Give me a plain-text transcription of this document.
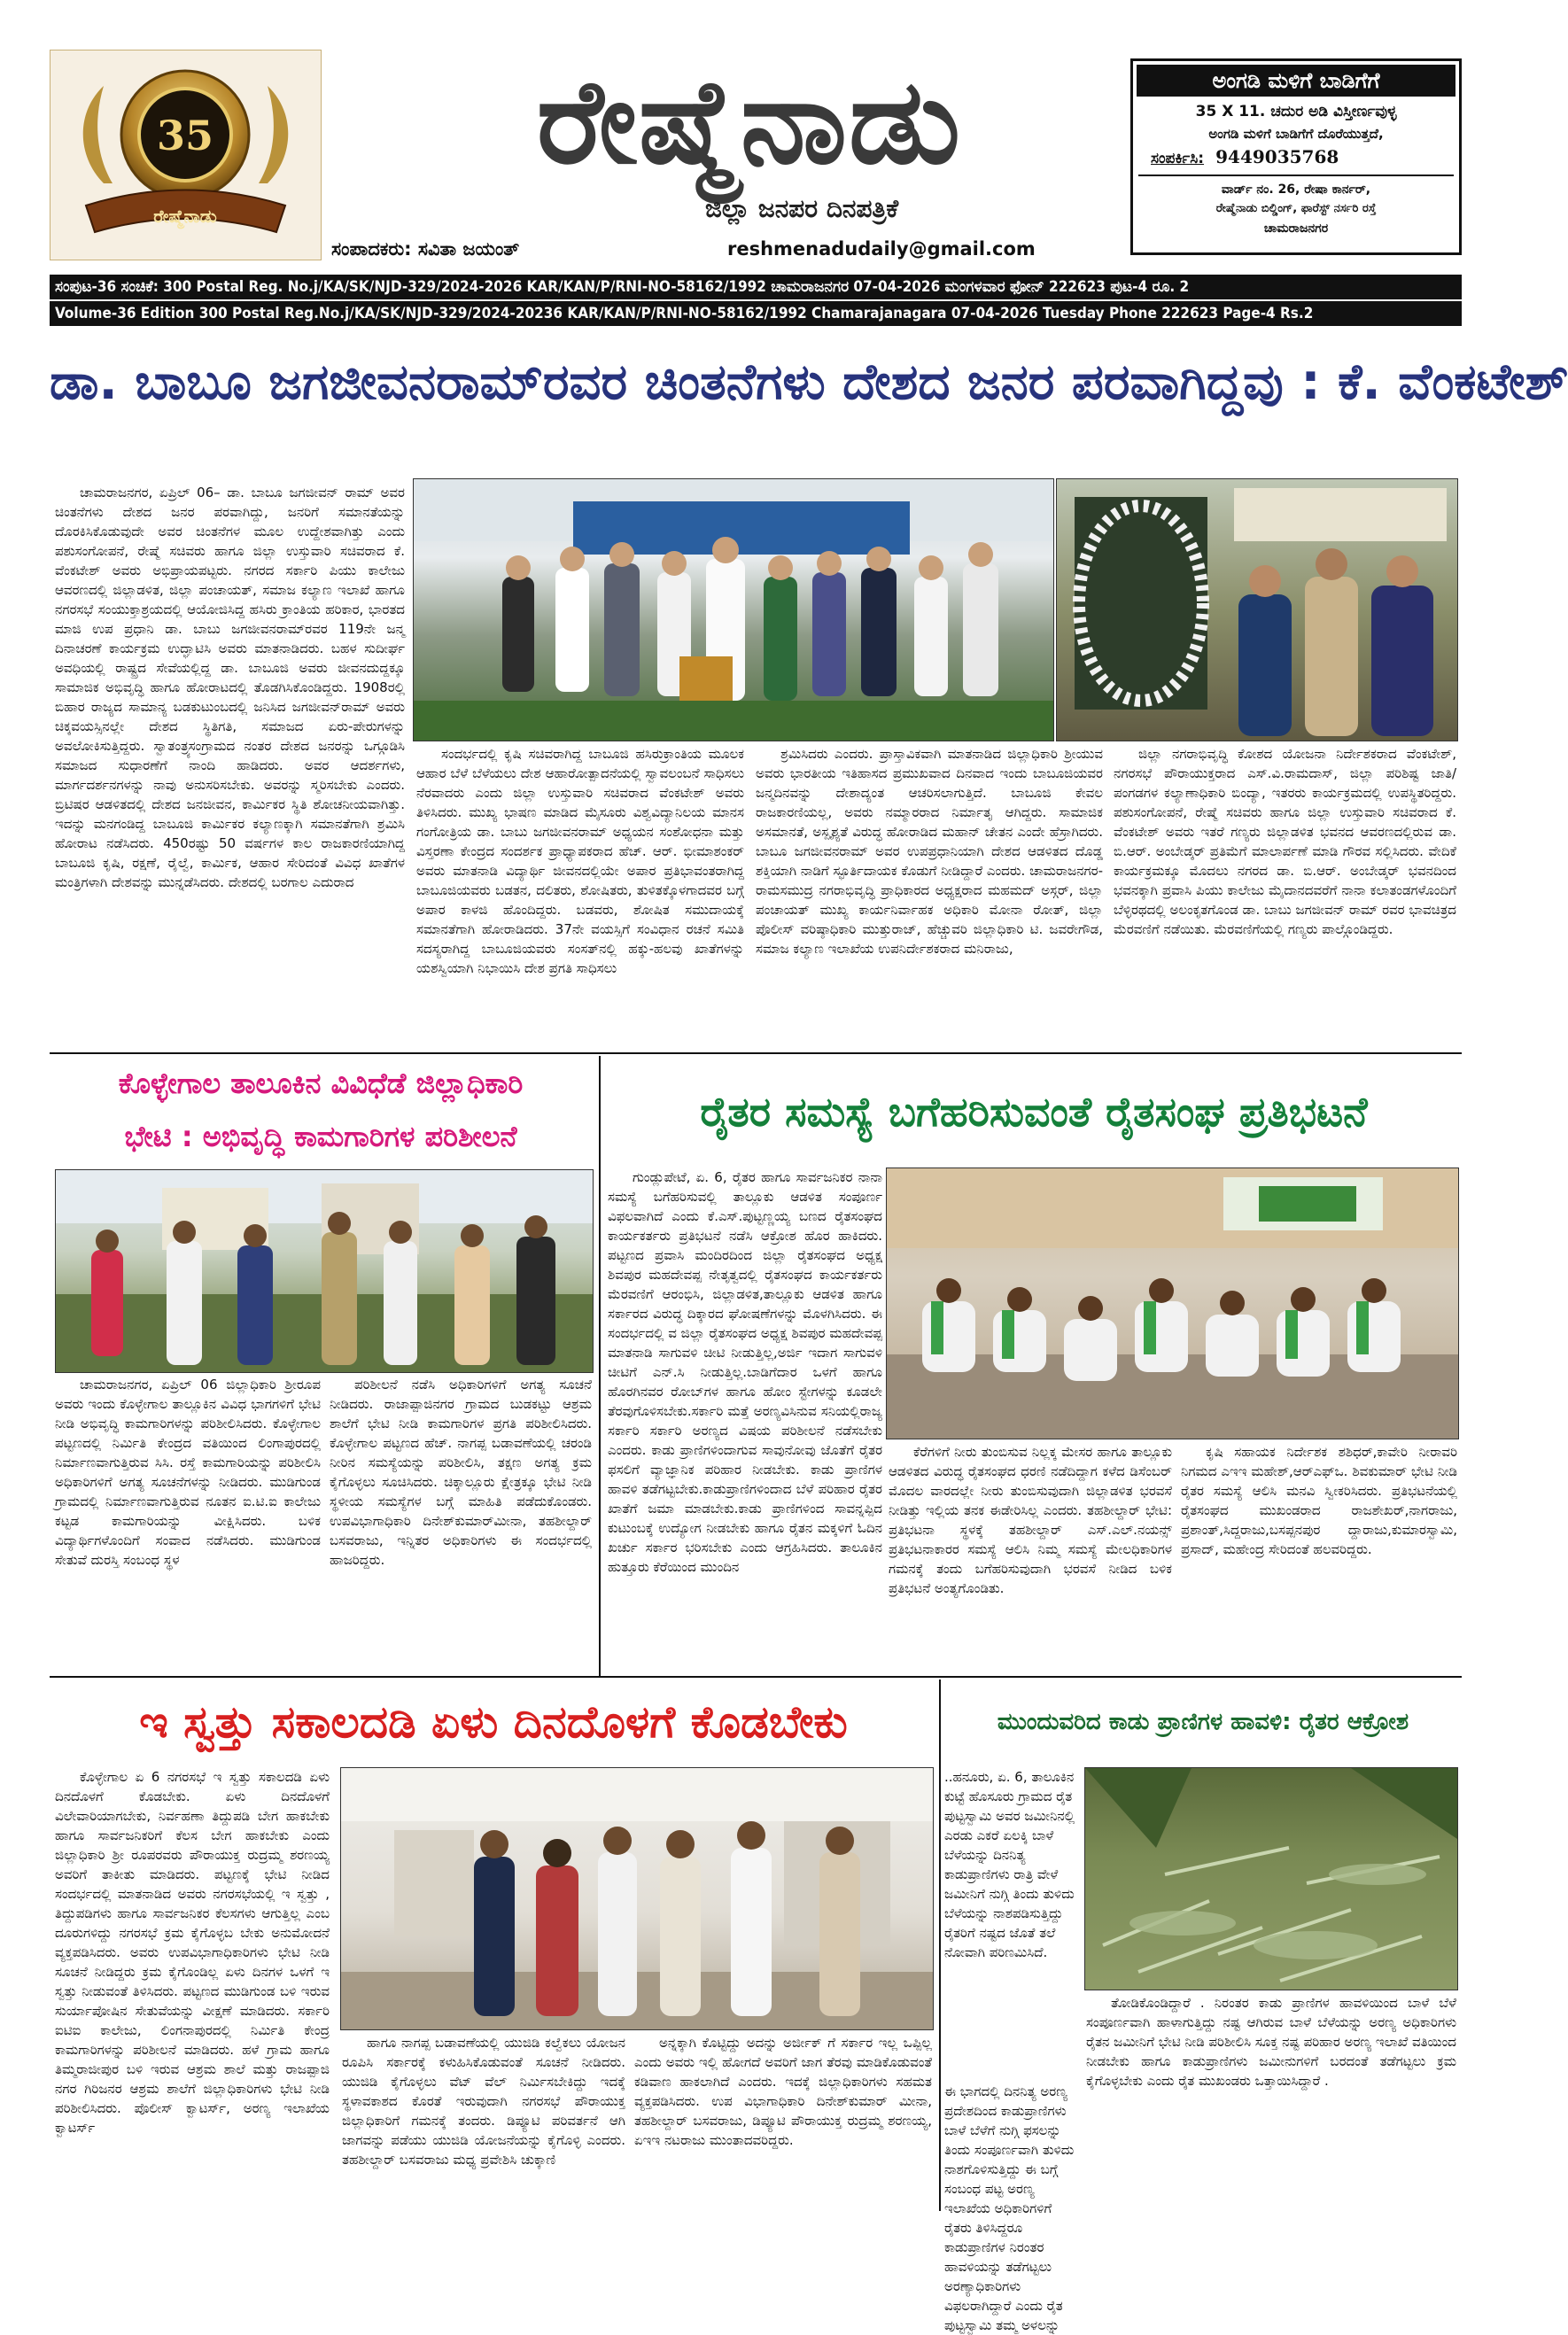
35
ರೇಷ್ಮೆನಾಡು
ರೇಷ್ಮೆನಾಡು
ಜಿಲ್ಲಾ ಜನಪರ ದಿನಪತ್ರಿಕೆ
ಸಂಪಾದಕರು: ಸವಿತಾ ಜಯಂತ್	reshmenadudaily@gmail.com
ಅಂಗಡಿ ಮಳಿಗೆ ಬಾಡಿಗೆಗೆ
35 X 11. ಚದುರ ಅಡಿ ವಿಸ್ತೀರ್ಣವುಳ್ಳ
ಅಂಗಡಿ ಮಳಿಗೆ ಬಾಡಿಗೆಗೆ ದೊರೆಯುತ್ತದೆ,
ಸಂಪರ್ಕಿಸಿ: 9449035768
ವಾರ್ಡ್ ನಂ. 26, ರೇಷಾ ಕಾರ್ನರ್,
ರೇಷ್ಮೆನಾಡು ಬಿಲ್ಡಿಂಗ್, ಫಾರೆಸ್ಟ್ ನರ್ಸರಿ ರಸ್ತೆ
ಚಾಮರಾಜನಗರ
ಸಂಪುಟ-36 ಸಂಚಿಕೆ: 300 Postal Reg. No.j/KA/SK/NJD-329/2024-2026 KAR/KAN/P/RNI-NO-58162/1992 ಚಾಮರಾಜನಗರ 07-04-2026 ಮಂಗಳವಾರ ಫೋನ್ 222623 ಪುಟ-4 ರೂ. 2
Volume-36 Edition 300 Postal Reg.No.j/KA/SK/NJD-329/2024-20236 KAR/KAN/P/RNI-NO-58162/1992 Chamarajanagara 07-04-2026 Tuesday Phone 222623 Page-4 Rs.2
ಡಾ. ಬಾಬೂ ಜಗಜೀವನರಾಮ್‌ರವರ ಚಿಂತನೆಗಳು ದೇಶದ ಜನರ ಪರವಾಗಿದ್ದವು : ಕೆ. ವೆಂಕಟೇಶ್

ಚಾಮರಾಜನಗರ, ಏಪ್ರಿಲ್ 06– ಡಾ. ಬಾಬೂ ಜಗಜೀವನ್ ರಾಮ್ ಅವರ ಚಿಂತನೆಗಳು ದೇಶದ ಜನರ ಪರವಾಗಿದ್ದು, ಜನರಿಗೆ ಸಮಾನತೆಯನ್ನು ದೊರಕಿಸಿಕೊಡುವುದೇ ಅವರ ಚಿಂತನೆಗಳ ಮೂಲ ಉದ್ದೇಶವಾಗಿತ್ತು ಎಂದು ಪಶುಸಂಗೋಪನೆ, ರೇಷ್ಮೆ ಸಚಿವರು ಹಾಗೂ ಜಿಲ್ಲಾ ಉಸ್ತುವಾರಿ ಸಚಿವರಾದ ಕೆ. ವೆಂಕಟೇಶ್ ಅವರು ಅಭಿಪ್ರಾಯಪಟ್ಟರು. ನಗರದ ಸರ್ಕಾರಿ ಪಿಯು ಕಾಲೇಜು ಆವರಣದಲ್ಲಿ ಜಿಲ್ಲಾಡಳಿತ, ಜಿಲ್ಲಾ ಪಂಚಾಯತ್, ಸಮಾಜ ಕಲ್ಯಾಣ ಇಲಾಖೆ ಹಾಗೂ ನಗರಸಭೆ ಸಂಯುಕ್ತಾಶ್ರಯದಲ್ಲಿ ಆಯೋಜಿಸಿದ್ದ ಹಸಿರು ಕ್ರಾಂತಿಯ ಹರಿಕಾರ, ಭಾರತದ ಮಾಜಿ ಉಪ ಪ್ರಧಾನಿ ಡಾ. ಬಾಬು ಜಗಜೀವನರಾಮ್‌ರವರ 119ನೇ ಜನ್ಮ ದಿನಾಚರಣೆ ಕಾರ್ಯಕ್ರಮ ಉದ್ಘಾಟಿಸಿ ಅವರು ಮಾತನಾಡಿದರು. ಬಹಳ ಸುದೀರ್ಘ ಅವಧಿಯಲ್ಲಿ ರಾಷ್ಟ್ರದ ಸೇವೆಯಲ್ಲಿದ್ದ ಡಾ. ಬಾಬೂಜಿ ಅವರು ಜೀವನದುದ್ದಕ್ಕೂ ಸಾಮಾಜಿಕ ಅಭಿವೃದ್ಧಿ ಹಾಗೂ ಹೋರಾಟದಲ್ಲಿ ತೊಡಗಿಸಿಕೊಂಡಿದ್ದರು. 1908ರಲ್ಲಿ ಬಿಹಾರ ರಾಜ್ಯದ ಸಾಮಾನ್ಯ ಬಡಕುಟುಂಬದಲ್ಲಿ ಜನಿಸಿದ ಜಗಜೀವನ್‌ರಾಮ್ ಅವರು ಚಿಕ್ಕವಯಸ್ಸಿನಲ್ಲೇ ದೇಶದ ಸ್ಥಿತಿಗತಿ, ಸಮಾಜದ ಏರು-ಪೇರುಗಳನ್ನು ಅವಲೋಕಿಸುತ್ತಿದ್ದರು. ಸ್ವಾತಂತ್ರ್ಯಸಂಗ್ರಾಮದ ನಂತರ ದೇಶದ ಜನರನ್ನು ಒಗ್ಗೂಡಿಸಿ ಸಮಾಜದ ಸುಧಾರಣೆಗೆ ನಾಂದಿ ಹಾಡಿದರು. ಅವರ ಆದರ್ಶಗಳು, ಮಾರ್ಗದರ್ಶನಗಳನ್ನು ನಾವು ಅನುಸರಿಸಬೇಕು. ಅವರನ್ನು ಸ್ಮರಿಸಬೇಕು ಎಂದರು. ಬ್ರಿಟಿಷರ ಆಡಳಿತದಲ್ಲಿ ದೇಶದ ಜನಜೀವನ, ಕಾರ್ಮಿಕರ ಸ್ಥಿತಿ ಶೋಚನೀಯವಾಗಿತ್ತು. ಇದನ್ನು ಮನಗಂಡಿದ್ದ ಬಾಬೂಜಿ ಕಾರ್ಮಿಕರ ಕಲ್ಯಾಣಕ್ಕಾಗಿ ಸಮಾನತೆಗಾಗಿ ಶ್ರಮಿಸಿ ಹೋರಾಟ ನಡೆಸಿದರು. 450ರಷ್ಟು 50 ವರ್ಷಗಳ ಕಾಲ ರಾಜಕಾರಣಿಯಾಗಿದ್ದ ಬಾಬೂಜಿ ಕೃಷಿ, ರಕ್ಷಣೆ, ರೈಲ್ವೆ, ಕಾರ್ಮಿಕ, ಆಹಾರ ಸೇರಿದಂತೆ ವಿವಿಧ ಖಾತೆಗಳ ಮಂತ್ರಿಗಳಾಗಿ ದೇಶವನ್ನು ಮುನ್ನಡೆಸಿದರು. ದೇಶದಲ್ಲಿ ಬರಗಾಲ ಎದುರಾದ

ಸಂದರ್ಭದಲ್ಲಿ ಕೃಷಿ ಸಚಿವರಾಗಿದ್ದ ಬಾಬೂಜಿ ಹಸಿರುಕ್ರಾಂತಿಯ ಮೂಲಕ ಆಹಾರ ಬೆಳೆ ಬೆಳೆಯಲು ದೇಶ ಆಹಾರೋತ್ಪಾದನೆಯಲ್ಲಿ ಸ್ವಾವಲಂಬನೆ ಸಾಧಿಸಲು ನೆರವಾದರು ಎಂದು ಜಿಲ್ಲಾ ಉಸ್ತುವಾರಿ ಸಚಿವರಾದ ವೆಂಕಟೇಶ್ ಅವರು ತಿಳಿಸಿದರು. ಮುಖ್ಯ ಭಾಷಣ ಮಾಡಿದ ಮೈಸೂರು ವಿಶ್ವವಿದ್ಯಾನಿಲಯ ಮಾನಸ ಗಂಗೋತ್ರಿಯ ಡಾ. ಬಾಬು ಜಗಜೀವನರಾಮ್ ಅಧ್ಯಯನ ಸಂಶೋಧನಾ ಮತ್ತು ವಿಸ್ತರಣಾ ಕೇಂದ್ರದ ಸಂದರ್ಶಕ ಪ್ರಾಧ್ಯಾಪಕರಾದ ಹೆಚ್. ಆರ್. ಭೀಮಾಶಂಕರ್ ಅವರು ಮಾತನಾಡಿ ವಿದ್ಯಾರ್ಥಿ ಜೀವನದಲ್ಲಿಯೇ ಅಪಾರ ಪ್ರತಿಭಾವಂತರಾಗಿದ್ದ ಬಾಬೂಜಿಯವರು ಬಡತನ, ದಲಿತರು, ಶೋಷಿತರು, ತುಳಿತಕ್ಕೊಳಗಾದವರ ಬಗ್ಗೆ ಅಪಾರ ಕಾಳಜಿ ಹೊಂದಿದ್ದರು. ಬಡವರು, ಶೋಷಿತ ಸಮುದಾಯಕ್ಕೆ ಸಮಾನತೆಗಾಗಿ ಹೋರಾಡಿದರು. 37ನೇ ವಯಸ್ಸಿಗೆ ಸಂವಿಧಾನ ರಚನೆ ಸಮಿತಿ ಸದಸ್ಯರಾಗಿದ್ದ ಬಾಬೂಜಿಯವರು ಸಂಸತ್‌ನಲ್ಲಿ ಹಕ್ಕು-ಹಲವು ಖಾತೆಗಳನ್ನು ಯಶಸ್ವಿಯಾಗಿ ನಿಭಾಯಿಸಿ ದೇಶ ಪ್ರಗತಿ ಸಾಧಿಸಲು

ಶ್ರಮಿಸಿದರು ಎಂದರು. ಪ್ರಾಸ್ತಾವಿಕವಾಗಿ ಮಾತನಾಡಿದ ಜಿಲ್ಲಾಧಿಕಾರಿ ಶ್ರೀಯುವ ಅವರು ಭಾರತೀಯ ಇತಿಹಾಸದ ಪ್ರಮುಖವಾದ ದಿನವಾದ ಇಂದು ಬಾಬೂಜಿಯವರ ಜನ್ಮದಿನವನ್ನು ದೇಶಾದ್ಯಂತ ಆಚರಿಸಲಾಗುತ್ತಿದೆ. ಬಾಬೂಜಿ ಕೇವಲ ರಾಜಕಾರಣಿಯಲ್ಲ, ಅವರು ನಮ್ಮಾರರಾದ ನಿರ್ಮಾತೃ ಆಗಿದ್ದರು. ಸಾಮಾಜಿಕ ಅಸಮಾನತೆ, ಅಸ್ಪೃಶ್ಯತೆ ವಿರುದ್ಧ ಹೋರಾಡಿದ ಮಹಾನ್ ಚೇತನ ಎಂದೇ ಹೆಸ್ರಾಗಿದರು. ಬಾಬೂ ಜಗಜೀವನರಾಮ್ ಅವರ ಉಪಪ್ರಧಾನಿಯಾಗಿ ದೇಶದ ಆಡಳಿತದ ದೊಡ್ಡ ಶಕ್ತಿಯಾಗಿ ನಾಡಿಗೆ ಸ್ಫೂರ್ತಿದಾಯಕ ಕೊಡುಗೆ ನೀಡಿದ್ದಾರೆ ಎಂದರು. ಚಾಮರಾಜನಗರ-ರಾಮಸಮುದ್ರ ನಗರಾಭಿವೃದ್ಧಿ ಪ್ರಾಧಿಕಾರದ ಅಧ್ಯಕ್ಷರಾದ ಮಹಮದ್ ಅಸ್ಗರ್, ಜಿಲ್ಲಾ ಪಂಚಾಯತ್ ಮುಖ್ಯ ಕಾರ್ಯನಿರ್ವಾಹಕ ಅಧಿಕಾರಿ ಮೋನಾ ರೋತ್, ಜಿಲ್ಲಾ ಪೊಲೀಸ್ ವರಿಷ್ಠಾಧಿಕಾರಿ ಮುತ್ತುರಾಜ್, ಹೆಚ್ಚುವರಿ ಜಿಲ್ಲಾಧಿಕಾರಿ ಟಿ. ಜವರೇಗೌಡ, ಸಮಾಜ ಕಲ್ಯಾಣ ಇಲಾಖೆಯ ಉಪನಿರ್ದೇಶಕರಾದ ಮನಿರಾಜು,

ಜಿಲ್ಲಾ ನಗರಾಭಿವೃದ್ಧಿ ಕೋಶದ ಯೋಜನಾ ನಿರ್ದೇಶಕರಾದ ವೆಂಕಟೇಶ್, ನಗರಸಭೆ ಪೌರಾಯುಕ್ತರಾದ ಎಸ್.ವಿ.ರಾಮದಾಸ್, ಜಿಲ್ಲಾ ಪರಿಶಿಷ್ಟ ಜಾತಿ/ಪಂಗಡಗಳ ಕಲ್ಯಾಣಾಧಿಕಾರಿ ಬಿಂದ್ಯಾ, ಇತರರು ಕಾರ್ಯಕ್ರಮದಲ್ಲಿ ಉಪಸ್ಥಿತರಿದ್ದರು. ಪಶುಸಂಗೋಪನೆ, ರೇಷ್ಮೆ ಸಚಿವರು ಹಾಗೂ ಜಿಲ್ಲಾ ಉಸ್ತುವಾರಿ ಸಚಿವರಾದ ಕೆ. ವೆಂಕಟೇಶ್ ಅವರು ಇತರೆ ಗಣ್ಯರು ಜಿಲ್ಲಾಡಳಿತ ಭವನದ ಆವರಣದಲ್ಲಿರುವ ಡಾ. ಬಿ.ಆರ್. ಅಂಬೇಡ್ಕರ್ ಪ್ರತಿಮೆಗೆ ಮಾಲಾರ್ಪಣೆ ಮಾಡಿ ಗೌರವ ಸಲ್ಲಿಸಿದರು. ವೇದಿಕೆ ಕಾರ್ಯಕ್ರಮಕ್ಕೂ ಮೊದಲು ನಗರದ ಡಾ. ಬಿ.ಆರ್. ಅಂಬೇಡ್ಕರ್ ಭವನದಿಂದ ಭವನಕ್ಕಾಗಿ ಪ್ರವಾಸಿ ಪಿಯು ಕಾಲೇಜು ಮೈದಾನದವರೆಗೆ ನಾನಾ ಕಲಾತಂಡಗಳೊಂದಿಗೆ ಬೆಳ್ಳಿರಥದಲ್ಲಿ ಅಲಂಕೃತಗೊಂಡ ಡಾ. ಬಾಬು ಜಗಜೀವನ್ ರಾಮ್ ರವರ ಭಾವಚಿತ್ರದ ಮೆರವಣಿಗೆ ನಡೆಯಿತು. ಮೆರವಣಿಗೆಯಲ್ಲಿ ಗಣ್ಯರು ಪಾಲ್ಗೊಂಡಿದ್ದರು.

ಕೊಳ್ಳೇಗಾಲ ತಾಲೂಕಿನ ವಿವಿಧೆಡೆ ಜಿಲ್ಲಾಧಿಕಾರಿ
ಭೇಟಿ : ಅಭಿವೃದ್ಧಿ ಕಾಮಗಾರಿಗಳ ಪರಿಶೀಲನೆ

ಚಾಮರಾಜನಗರ, ಏಪ್ರಿಲ್ 06 ಜಿಲ್ಲಾಧಿಕಾರಿ ಶ್ರೀರೂಪ ಅವರು ಇಂದು ಕೊಳ್ಳೇಗಾಲ ತಾಲ್ಲೂಕಿನ ವಿವಿಧ ಭಾಗಗಳಿಗೆ ಭೇಟಿ ನೀಡಿ ಅಭಿವೃದ್ಧಿ ಕಾಮಗಾರಿಗಳನ್ನು ಪರಿಶೀಲಿಸಿದರು. ಕೊಳ್ಳೇಗಾಲ ಪಟ್ಟಣದಲ್ಲಿ ನಿರ್ಮಿತಿ ಕೇಂದ್ರದ ವತಿಯಿಂದ ಲಿಂಗಾಪುರದಲ್ಲಿ ನಿರ್ಮಾಣವಾಗುತ್ತಿರುವ ಸಿಸಿ. ರಸ್ತೆ ಕಾಮಗಾರಿಯನ್ನು ಪರಿಶೀಲಿಸಿ ಅಧಿಕಾರಿಗಳಿಗೆ ಅಗತ್ಯ ಸೂಚನೆಗಳನ್ನು ನೀಡಿದರು. ಮುಡಿಗುಂಡ ಗ್ರಾಮದಲ್ಲಿ ನಿರ್ಮಾಣವಾಗುತ್ತಿರುವ ನೂತನ ಐ.ಟಿ.ಐ ಕಾಲೇಜು ಕಟ್ಟಡ ಕಾಮಗಾರಿಯನ್ನು ವೀಕ್ಷಿಸಿದರು. ಬಳಿಕ ವಿದ್ಯಾರ್ಥಿಗಳೊಂದಿಗೆ ಸಂವಾದ ನಡೆಸಿದರು. ಮುಡಿಗುಂಡ ಸೇತುವೆ ದುರಸ್ತಿ ಸಂಬಂಧ ಸ್ಥಳ

ಪರಿಶೀಲನೆ ನಡೆಸಿ ಅಧಿಕಾರಿಗಳಿಗೆ ಅಗತ್ಯ ಸೂಚನೆ ನೀಡಿದರು. ರಾಜಾಪ್ಪಾಜಿನಗರ ಗ್ರಾಮದ ಬುಡಕಟ್ಟು ಆಶ್ರಮ ಶಾಲೆಗೆ ಭೇಟಿ ನೀಡಿ ಕಾಮಗಾರಿಗಳ ಪ್ರಗತಿ ಪರಿಶೀಲಿಸಿದರು. ಕೊಳ್ಳೇಗಾಲ ಪಟ್ಟಣದ ಹೆಚ್. ನಾಗಪ್ಪ ಬಡಾವಣೆಯಲ್ಲಿ ಚರಂಡಿ ನೀರಿನ ಸಮಸ್ಯೆಯನ್ನು ಪರಿಶೀಲಿಸಿ, ತಕ್ಷಣ ಅಗತ್ಯ ಕ್ರಮ ಕೈಗೊಳ್ಳಲು ಸೂಚಿಸಿದರು. ಚಿಕ್ಕಾಲ್ಲೂರು ಕ್ಷೇತ್ರಕ್ಕೂ ಭೇಟಿ ನೀಡಿ ಸ್ಥಳೀಯ ಸಮಸ್ಯೆಗಳ ಬಗ್ಗೆ ಮಾಹಿತಿ ಪಡೆದುಕೊಂಡರು. ಉಪವಿಭಾಗಾಧಿಕಾರಿ ದಿನೇಶ್‌ಕುಮಾರ್‌ಮೀನಾ, ತಹಶೀಲ್ದಾರ್ ಬಸವರಾಜು, ಇನ್ನಿತರ ಅಧಿಕಾರಿಗಳು ಈ ಸಂದರ್ಭದಲ್ಲಿ ಹಾಜರಿದ್ದರು.

ರೈತರ ಸಮಸ್ಯೆ ಬಗೆಹರಿಸುವಂತೆ ರೈತಸಂಘ ಪ್ರತಿಭಟನೆ

ಗುಂಡ್ಲುಪೇಟೆ, ಏ. 6, ರೈತರ ಹಾಗೂ ಸಾರ್ವಜನಿಕರ ನಾನಾ ಸಮಸ್ಯೆ ಬಗೆಹರಿಸುವಲ್ಲಿ ತಾಲ್ಲೂಕು ಆಡಳಿತ ಸಂಪೂರ್ಣ ವಿಫಲವಾಗಿದೆ ಎಂದು ಕೆ.ಎಸ್.ಪುಟ್ಟಣ್ಣಯ್ಯ ಬಣದ ರೈತಸಂಘದ ಕಾರ್ಯಕರ್ತರು ಪ್ರತಿಭಟನೆ ನಡೆಸಿ ಆಕ್ರೋಶ ಹೊರ ಹಾಕಿದರು. ಪಟ್ಟಣದ ಪ್ರವಾಸಿ ಮಂದಿರದಿಂದ ಜಿಲ್ಲಾ ರೈತಸಂಘದ ಅಧ್ಯಕ್ಷ ಶಿವಪುರ ಮಹದೇವಪ್ಪ ನೇತೃತ್ವದಲ್ಲಿ ರೈತಸಂಘದ ಕಾರ್ಯಕರ್ತರು ಮೆರವಣಿಗೆ ಆರಂಭಿಸಿ, ಜಿಲ್ಲಾಡಳಿತ,ತಾಲ್ಲೂಕು ಆಡಳಿತ ಹಾಗೂ ಸರ್ಕಾರದ ವಿರುದ್ಧ ದಿಕ್ಕಾರದ ಘೋಷಣೆಗಳನ್ನು ಮೊಳಗಿಸಿದರು. ಈ ಸಂದರ್ಭದಲ್ಲಿ ವ ಜಿಲ್ಲಾ ರೈತಸಂಘದ ಅಧ್ಯಕ್ಷ ಶಿವಪುರ ಮಹದೇವಪ್ಪ ಮಾತನಾಡಿ ಸಾಗುವಳಿ ಚೀಟಿ ನೀಡುತ್ತಿಲ್ಲ,ಅರ್ಜಿ ಇದಾಗ ಸಾಗುವಳಿ ಚೀಟಿಗೆ ಎನ್.ಸಿ ನೀಡುತ್ತಿಲ್ಲ.ಬಾಡಿಗೆದಾರ ಒಳಗೆ ಹಾಗೂ ಹೊರಗಿನವರ ರೋಬ್‌ಗಳ ಹಾಗೂ ಹೋಂ ಸ್ಟೇಗಳನ್ನು ಕೂಡಲೇ ತೆರವುಗೊಳಿಸಬೇಕು.ಸರ್ಕಾರಿ ಮತ್ತೆ ಅರಣ್ಯವಿಸಿನುವ ಸನಿಯಲ್ಲಿರಾಜ್ಯ ಸರ್ಕಾರಿ ಸರ್ಕಾರಿ ಅರಣ್ಯದ ವಿಷಯ ಪರಿಶೀಲನೆ ನಡೆಸಬೇಕು ಎಂದರು. ಕಾಡು ಪ್ರಾಣಿಗಳಿಂದಾಗುವ ಸಾವುನೋವು ಜೊತೆಗೆ ರೈತರ ಫಸಲಿಗೆ ವ್ಯಾಜ್ಞಾನಿಕ ಪರಿಹಾರ ನೀಡಬೇಕು. ಕಾಡು ಪ್ರಾಣಿಗಳ ಹಾವಳಿ ತಡೆಗಟ್ಟಬೇಕು.ಕಾಡುಪ್ರಾಣಿಗಳಿಂದಾದ ಬೆಳೆ ಪರಿಹಾರ ರೈತರ ಖಾತೆಗೆ ಜಮಾ ಮಾಡಬೇಕು.ಕಾಡು ಪ್ರಾಣಿಗಳಿಂದ ಸಾವನ್ನಪ್ಪಿದ ಕುಟುಂಬಕ್ಕೆ ಉದ್ಯೋಗ ನೀಡಬೇಕು ಹಾಗೂ ರೈತನ ಮಕ್ಕಳಿಗೆ ಓದಿನ ಖರ್ಚು ಸರ್ಕಾರ ಭರಿಸಬೇಕು ಎಂದು ಆಗ್ರಹಿಸಿದರು. ತಾಲೂಕಿನ ಹುತ್ತೂರು ಕೆರೆಯಿಂದ ಮುಂದಿನ

ಕೆರೆಗಳಿಗೆ ನೀರು ತುಂಬಿಸುವ ನಿಲ್ಲಕ್ಕ ಮೇಸರ ಹಾಗೂ ತಾಲ್ಲೂಕು ಆಡಳಿತದ ವಿರುದ್ಧ ರೈತಸಂಘದ ಧರಣಿ ನಡೆದಿದ್ದಾಗ ಕಳೆದ ಡಿಸೆಂಬರ್ ಮೊದಲ ವಾರದಲ್ಲೇ ನೀರು ತುಂಬಿಸುವುದಾಗಿ ಜಿಲ್ಲಾಡಳಿತ ಭರವಸೆ ನೀಡಿತ್ತು ಇಲ್ಲಿಯ ತನಕ ಈಡೇರಿಸಿಲ್ಲ ಎಂದರು. ತಹಶೀಲ್ದಾರ್ ಭೇಟಿ: ಪ್ರತಿಭಟನಾ ಸ್ಥಳಕ್ಕೆ ತಹಶೀಲ್ದಾರ್ ಎಸ್.ಎಲ್.ನಯನ್ಸ್ ಪ್ರತಿಭಟನಾಕಾರರ ಸಮಸ್ಯೆ ಆಲಿಸಿ ನಿಮ್ಮ ಸಮಸ್ಯೆ ಮೇಲಧಿಕಾರಿಗಳ ಗಮನಕ್ಕೆ ತಂದು ಬಗೆಹರಿಸುವುದಾಗಿ ಭರವಸೆ ನೀಡಿದ ಬಳಿಕ ಪ್ರತಿಭಟನೆ ಅಂತ್ಯಗೊಂಡಿತು.

ಕೃಷಿ ಸಹಾಯಕ ನಿರ್ದೇಶಕ ಶಶಿಧರ್,ಕಾವೇರಿ ನೀರಾವರಿ ನಿಗಮದ ಎಇಇ ಮಹೇಶ್,ಆರ್‌ಎಫ್‌ಒ. ಶಿವಕುಮಾರ್ ಭೇಟಿ ನೀಡಿ ರೈತರ ಸಮಸ್ಯೆ ಆಲಿಸಿ ಮನವಿ ಸ್ವೀಕರಿಸಿದರು. ಪ್ರತಿಭಟನೆಯಲ್ಲಿ ರೈತಸಂಘದ ಮುಖಂಡರಾದ ರಾಜಶೇಖರ್,ನಾಗರಾಜು, ಪ್ರಶಾಂತ್,ಸಿದ್ದರಾಜು,ಬಸಪ್ಪನಪುರ ದ್ದಾರಾಜು,ಕುಮಾರಸ್ವಾಮಿ, ಪ್ರಸಾದ್, ಮಹೇಂದ್ರ ಸೇರಿದಂತೆ ಹಲವರಿದ್ದರು.

ಇ ಸ್ವತ್ತು ಸಕಾಲದಡಿ ಏಳು ದಿನದೊಳಗೆ ಕೊಡಬೇಕು

ಕೊಳ್ಳೇಗಾಲ ಏ 6 ನಗರಸಭೆ ಇ ಸ್ವತ್ತು ಸಕಾಲದಡಿ ಏಳು ದಿನದೊಳಗೆ ಕೊಡಬೇಕು. ಏಳು ದಿನದೊಳಗೆ ವಿಲೇವಾರಿಯಾಗಬೇಕು, ನಿರ್ವಹಣಾ ತಿದ್ದುಪಡಿ ಬೇಗ ಹಾಕಬೇಕು ಹಾಗೂ ಸಾರ್ವಜನಿಕರಿಗೆ ಕೆಲಸ ಬೇಗ ಹಾಕಬೇಕು ಎಂದು ಜಿಲ್ಲಾಧಿಕಾರಿ ಶ್ರೀ ರೂಪರವರು ಪೌರಾಯುಕ್ತ ರುದ್ರಮ್ಮ ಶರಣಯ್ಯ ಅವರಿಗೆ ತಾಕೀತು ಮಾಡಿದರು. ಪಟ್ಟಣಕ್ಕೆ ಭೇಟಿ ನೀಡಿದ ಸಂದರ್ಭದಲ್ಲಿ ಮಾತನಾಡಿದ ಅವರು ನಗರಸಭೆಯಲ್ಲಿ ಇ ಸ್ವತ್ತು , ತಿದ್ದುಪಡಿಗಳು ಹಾಗೂ ಸಾರ್ವಜನಿಕರ ಕೆಲಸಗಳು ಆಗುತ್ತಿಲ್ಲ ಎಂಬ ದೂರುಗಳಿದ್ದು ನಗರಸಭೆ ಕ್ರಮ ಕೈಗೊಳ್ಳಬ ಬೇಕು ಅನುಮೋದನೆ ವ್ಯಕ್ತಪಡಿಸಿದರು. ಅವರು ಉಪವಿಭಾಗಾಧಿಕಾರಿಗಳು ಭೇಟಿ ನೀಡಿ ಸೂಚನೆ ನೀಡಿದ್ದರು ಕ್ರಮ ಕೈಗೊಂಡಿಲ್ಲ ಏಳು ದಿನಗಳ ಒಳಗೆ ಇ ಸ್ವತ್ತು ನೀಡುವಂತೆ ತಿಳಿಸಿದರು. ಪಟ್ಟಣದ ಮುಡಿಗುಂಡ ಬಳಿ ಇರುವ ಸುರ್ಯಾಪೋಷಿನ ಸೇತುವೆಯನ್ನು ವೀಕ್ಷಣೆ ಮಾಡಿದರು. ಸರ್ಕಾರಿ ಐಟಿಐ ಕಾಲೇಜು, ಲಿಂಗನಾಪುರದಲ್ಲಿ ನಿರ್ಮಿತಿ ಕೇಂದ್ರ ಕಾಮಗಾರಿಗಳನ್ನು ಪರಿಶೀಲನೆ ಮಾಡಿದರು. ಹಳೆ ಗ್ರಾಮ ಹಾಗೂ ತಿಮ್ಮರಾಜೀಪುರ ಬಳಿ ಇರುವ ಆಶ್ರಮ ಶಾಲೆ ಮತ್ತು ರಾಜಪ್ಪಾಜಿ ನಗರ ಗಿರಿಜನರ ಆಶ್ರಮ ಶಾಲೆಗೆ ಜಿಲ್ಲಾಧಿಕಾರಿಗಳು ಭೇಟಿ ನೀಡಿ ಪರಿಶೀಲಿಸಿದರು. ಪೊಲೀಸ್ ಕ್ವಾಟರ್ಸ್, ಅರಣ್ಯ ಇಲಾಖೆಯ ಕ್ವಾಟರ್ಸ್

ಹಾಗೂ ನಾಗಪ್ಪ ಬಡಾವಣೆಯಲ್ಲಿ ಯುಜಿಡಿ ಕಲ್ವೆಕಲು ಯೋಜನ ರೂಪಿಸಿ ಸರ್ಕಾರಕ್ಕೆ ಕಳುಹಿಸಿಕೊಡುವಂತೆ ಸೂಚನೆ ನೀಡಿದರು. ಯುಜಿಡಿ ಕೈಗೊಳ್ಳಲು ವೆಟ್ ವೆಲ್ ನಿರ್ಮಿಸಬೇಕಿದ್ದು ಇದಕ್ಕೆ ಸ್ಥಳಾವಕಾಶದ ಕೊರತೆ ಇರುವುದಾಗಿ ನಗರಸಭೆ ಪೌರಾಯುಕ್ತ ಜಿಲ್ಲಾಧಿಕಾರಿಗೆ ಗಮನಕ್ಕೆ ತಂದರು. ಡಿಪ್ಯೂಟಿ ಪರಿವರ್ತನೆ ಆಗಿ ಜಾಗವನ್ನು ಪಡೆಯು ಯುಜಿಡಿ ಯೋಜನೆಯನ್ನು ಕೈಗೊಳ್ಳಿ ಎಂದರು. ತಹಶೀಲ್ದಾರ್ ಬಸವರಾಜು ಮಧ್ಯ ಪ್ರವೇಶಿಸಿ ಚುಕ್ಕಾಣಿ

ಅನ್ನಕ್ಕಾಗಿ ಕೊಟ್ಟಿದ್ದು ಅದನ್ನು ಅರ್ಜೀಕ್ ಗೆ ಸರ್ಕಾರ ಇಲ್ಲ ಒಪ್ಪಿಲ್ಲ ಎಂದು ಅವರು ಇಲ್ಲಿ ಹೋಗದೆ ಅವರಿಗೆ ಜಾಗ ತೆರವು ಮಾಡಿಕೊಡುವಂತೆ ಕಡಿವಾಣ ಹಾಕಲಾಗಿದೆ ಎಂದರು. ಇದಕ್ಕೆ ಜಿಲ್ಲಾಧಿಕಾರಿಗಳು ಸಹಮತ ವ್ಯಕ್ತಪಡಿಸಿದರು. ಉಪ ವಿಭಾಗಾಧಿಕಾರಿ ದಿನೇಶ್‌ಕುಮಾರ್ ಮೀನಾ, ತಹಶೀಲ್ದಾರ್ ಬಸವರಾಜು, ಡಿಪ್ಯೂಟಿ ಪೌರಾಯುಕ್ತ ರುದ್ರಮ್ಮ ಶರಣಯ್ಯ, ಏಇಇ ನಟರಾಜು ಮುಂತಾದವರಿದ್ದರು.

ಮುಂದುವರಿದ ಕಾಡು ಪ್ರಾಣಿಗಳ ಹಾವಳಿ: ರೈತರ ಆಕ್ರೋಶ

..ಹನೂರು, ಏ. 6, ತಾಲೂಕಿನ ಕುಟ್ಟೆ ಹೊಸೂರು ಗ್ರಾಮದ ರೈತ ಪುಟ್ಟಸ್ವಾಮಿ ಅವರ ಜಮೀನಿನಲ್ಲಿ ಎರಡು ಎಕರೆ ಏಲಕ್ಕಿ ಬಾಳೆ ಬೆಳೆಯನ್ನು ದಿನನಿತ್ಯ ಕಾಡುಪ್ರಾಣಿಗಳು ರಾತ್ರಿ ವೇಳೆ ಜಮೀನಿಗೆ ನುಗ್ಗಿ ತಿಂದು ತುಳಿದು ಬೆಳೆಯನ್ನು ನಾಶಪಡಿಸುತ್ತಿದ್ದು ರೈತರಿಗೆ ನಷ್ಟದ ಜೊತೆ ತಲೆ ನೋವಾಗಿ ಪರಿಣಮಿಸಿದೆ.

ತೋಡಿಕೊಂಡಿದ್ದಾರೆ . ನಿರಂತರ ಕಾಡು ಪ್ರಾಣಿಗಳ ಹಾವಳಿಯಿಂದ ಬಾಳೆ ಬೆಳೆ ಸಂಪೂರ್ಣವಾಗಿ ಹಾಳಾಗುತ್ತಿದ್ದು ನಷ್ಟ ಆಗಿರುವ ಬಾಳೆ ಬೆಳೆಯನ್ನು ಅರಣ್ಯ ಅಧಿಕಾರಿಗಳು ರೈತನ ಜಮೀನಿಗೆ ಭೇಟಿ ನೀಡಿ ಪರಿಶೀಲಿಸಿ ಸೂಕ್ತ ನಷ್ಟ ಪರಿಹಾರ ಅರಣ್ಯ ಇಲಾಖೆ ವತಿಯಿಂದ ನೀಡಬೇಕು ಹಾಗೂ ಕಾಡುಪ್ರಾಣಿಗಳು ಜಮೀನುಗಳಿಗೆ ಬರದಂತೆ ತಡೆಗಟ್ಟಲು ಕ್ರಮ ಕೈಗೊಳ್ಳಬೇಕು ಎಂದು ರೈತ ಮುಖಂಡರು ಒತ್ತಾಯಿಸಿದ್ದಾರೆ .

ಈ ಭಾಗದಲ್ಲಿ ದಿನನಿತ್ಯ ಅರಣ್ಯ ಪ್ರದೇಶದಿಂದ ಕಾಡುಪ್ರಾಣಿಗಳು ಬಾಳೆ ಬೆಳೆಗೆ ನುಗ್ಗಿ ಫಸಲನ್ನು ತಿಂದು ಸಂಪೂರ್ಣವಾಗಿ ತುಳಿದು ನಾಶಗೊಳಿಸುತ್ತಿದ್ದು ಈ ಬಗ್ಗೆ ಸಂಬಂಧ ಪಟ್ಟ ಅರಣ್ಯ ಇಲಾಖೆಯ ಅಧಿಕಾರಿಗಳಿಗೆ ರೈತರು ತಿಳಿಸಿದ್ದರೂ ಕಾಡುಪ್ರಾಣಿಗಳ ನಿರಂತರ ಹಾವಳಿಯನ್ನು ತಡೆಗಟ್ಟಲು ಅರಣ್ಯಾಧಿಕಾರಿಗಳು ವಿಫಲರಾಗಿದ್ದಾರೆ ಎಂದು ರೈತ ಪುಟ್ಟಸ್ವಾಮಿ ತಮ್ಮ ಅಳಲನ್ನು
